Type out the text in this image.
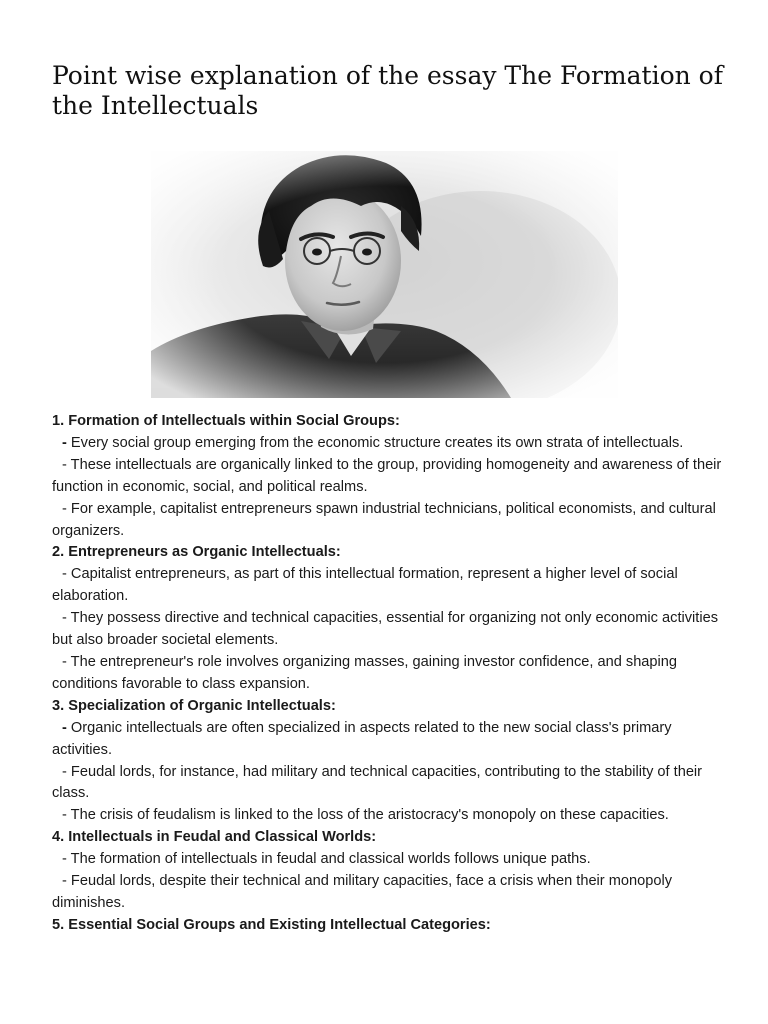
Point wise explanation of the essay The Formation of the Intellectuals

1. Formation of Intellectuals within Social Groups:

- Every social group emerging from the economic structure creates its own strata of intellectuals.

- These intellectuals are organically linked to the group, providing homogeneity and awareness of their function in economic, social, and political realms.

- For example, capitalist entrepreneurs spawn industrial technicians, political economists, and cultural organizers.

2. Entrepreneurs as Organic Intellectuals:

- Capitalist entrepreneurs, as part of this intellectual formation, represent a higher level of social elaboration.

- They possess directive and technical capacities, essential for organizing not only economic activities but also broader societal elements.

- The entrepreneur's role involves organizing masses, gaining investor confidence, and shaping conditions favorable to class expansion.

3. Specialization of Organic Intellectuals:

- Organic intellectuals are often specialized in aspects related to the new social class's primary activities.

- Feudal lords, for instance, had military and technical capacities, contributing to the stability of their class.

- The crisis of feudalism is linked to the loss of the aristocracy's monopoly on these capacities.

4. Intellectuals in Feudal and Classical Worlds:

- The formation of intellectuals in feudal and classical worlds follows unique paths.

- Feudal lords, despite their technical and military capacities, face a crisis when their monopoly diminishes.

5. Essential Social Groups and Existing Intellectual Categories:
